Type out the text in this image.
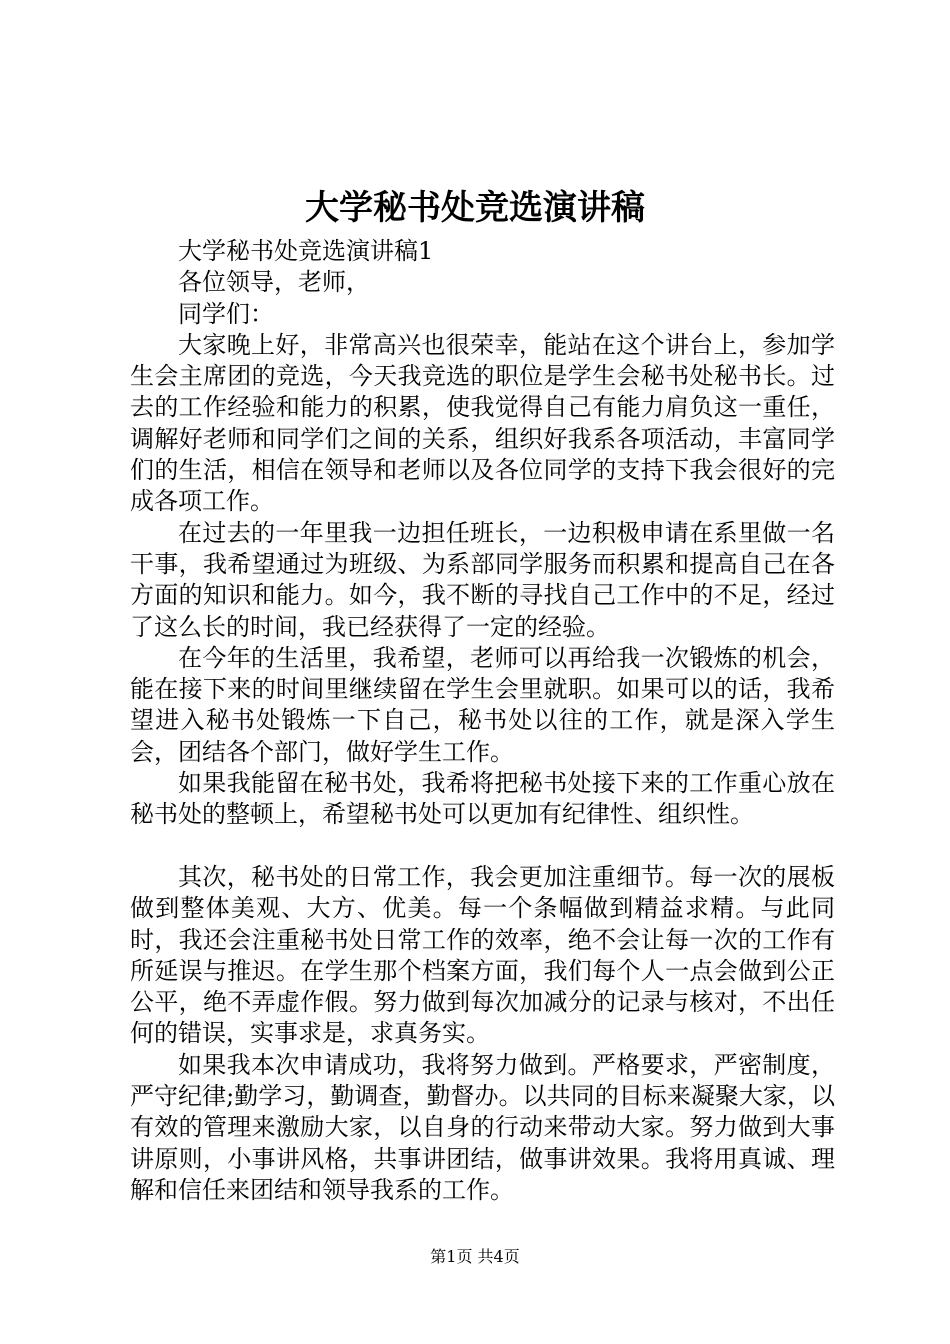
大学秘书处竞选演讲稿

大学秘书处竞选演讲稿1

各位领导，老师，

同学们：

大家晚上好，非常高兴也很荣幸，能站在这个讲台上，参加学生会主席团的竞选，今天我竞选的职位是学生会秘书处秘书长。过去的工作经验和能力的积累，使我觉得自己有能力肩负这一重任，调解好老师和同学们之间的关系，组织好我系各项活动，丰富同学们的生活，相信在领导和老师以及各位同学的支持下我会很好的完成各项工作。

在过去的一年里我一边担任班长，一边积极申请在系里做一名干事，我希望通过为班级、为系部同学服务而积累和提高自己在各方面的知识和能力。如今，我不断的寻找自己工作中的不足，经过了这么长的时间，我已经获得了一定的经验。

在今年的生活里，我希望，老师可以再给我一次锻炼的机会，能在接下来的时间里继续留在学生会里就职。如果可以的话，我希望进入秘书处锻炼一下自己，秘书处以往的工作，就是深入学生会，团结各个部门，做好学生工作。

如果我能留在秘书处，我希将把秘书处接下来的工作重心放在秘书处的整顿上，希望秘书处可以更加有纪律性、组织性。

其次，秘书处的日常工作，我会更加注重细节。每一次的展板做到整体美观、大方、优美。每一个条幅做到精益求精。与此同时，我还会注重秘书处日常工作的效率，绝不会让每一次的工作有所延误与推迟。在学生那个档案方面，我们每个人一点会做到公正公平，绝不弄虚作假。努力做到每次加减分的记录与核对，不出任何的错误，实事求是，求真务实。

如果我本次申请成功，我将努力做到。严格要求，严密制度，严守纪律;勤学习，勤调查，勤督办。以共同的目标来凝聚大家，以有效的管理来激励大家，以自身的行动来带动大家。努力做到大事讲原则，小事讲风格，共事讲团结，做事讲效果。我将用真诚、理解和信任来团结和领导我系的工作。

第1页 共4页
